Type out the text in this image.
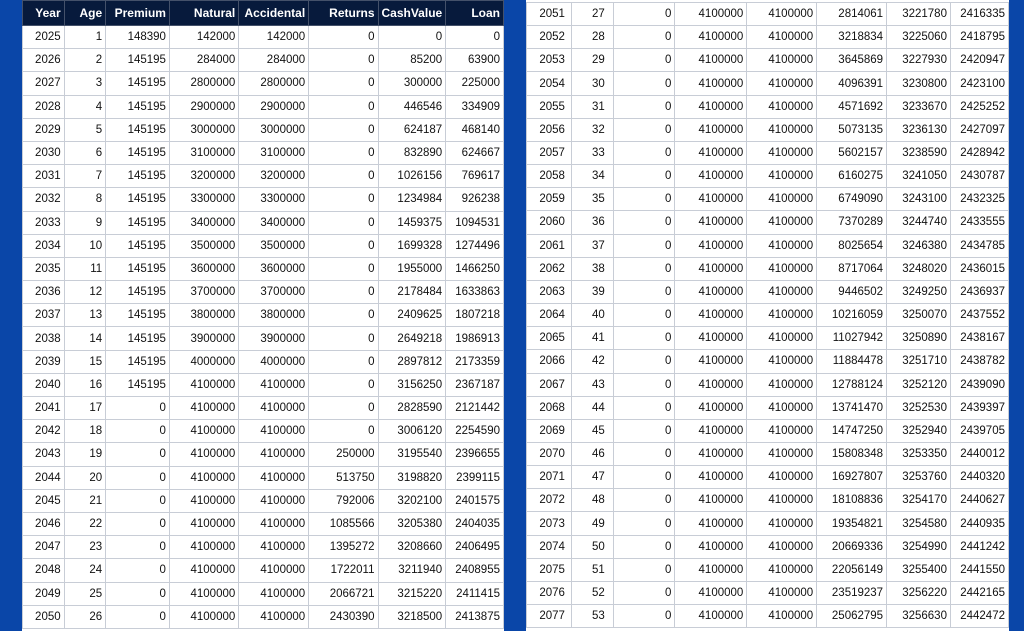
Year	Age	Premium	Natural	Accidental	Returns	CashValue	Loan
2025	1	148390	142000	142000	0	0	0
2026	2	145195	284000	284000	0	85200	63900
2027	3	145195	2800000	2800000	0	300000	225000
2028	4	145195	2900000	2900000	0	446546	334909
2029	5	145195	3000000	3000000	0	624187	468140
2030	6	145195	3100000	3100000	0	832890	624667
2031	7	145195	3200000	3200000	0	1026156	769617
2032	8	145195	3300000	3300000	0	1234984	926238
2033	9	145195	3400000	3400000	0	1459375	1094531
2034	10	145195	3500000	3500000	0	1699328	1274496
2035	11	145195	3600000	3600000	0	1955000	1466250
2036	12	145195	3700000	3700000	0	2178484	1633863
2037	13	145195	3800000	3800000	0	2409625	1807218
2038	14	145195	3900000	3900000	0	2649218	1986913
2039	15	145195	4000000	4000000	0	2897812	2173359
2040	16	145195	4100000	4100000	0	3156250	2367187
2041	17	0	4100000	4100000	0	2828590	2121442
2042	18	0	4100000	4100000	0	3006120	2254590
2043	19	0	4100000	4100000	250000	3195540	2396655
2044	20	0	4100000	4100000	513750	3198820	2399115
2045	21	0	4100000	4100000	792006	3202100	2401575
2046	22	0	4100000	4100000	1085566	3205380	2404035
2047	23	0	4100000	4100000	1395272	3208660	2406495
2048	24	0	4100000	4100000	1722011	3211940	2408955
2049	25	0	4100000	4100000	2066721	3215220	2411415
2050	26	0	4100000	4100000	2430390	3218500	2413875
2051	27	0	4100000	4100000	2814061	3221780	2416335
2052	28	0	4100000	4100000	3218834	3225060	2418795
2053	29	0	4100000	4100000	3645869	3227930	2420947
2054	30	0	4100000	4100000	4096391	3230800	2423100
2055	31	0	4100000	4100000	4571692	3233670	2425252
2056	32	0	4100000	4100000	5073135	3236130	2427097
2057	33	0	4100000	4100000	5602157	3238590	2428942
2058	34	0	4100000	4100000	6160275	3241050	2430787
2059	35	0	4100000	4100000	6749090	3243100	2432325
2060	36	0	4100000	4100000	7370289	3244740	2433555
2061	37	0	4100000	4100000	8025654	3246380	2434785
2062	38	0	4100000	4100000	8717064	3248020	2436015
2063	39	0	4100000	4100000	9446502	3249250	2436937
2064	40	0	4100000	4100000	10216059	3250070	2437552
2065	41	0	4100000	4100000	11027942	3250890	2438167
2066	42	0	4100000	4100000	11884478	3251710	2438782
2067	43	0	4100000	4100000	12788124	3252120	2439090
2068	44	0	4100000	4100000	13741470	3252530	2439397
2069	45	0	4100000	4100000	14747250	3252940	2439705
2070	46	0	4100000	4100000	15808348	3253350	2440012
2071	47	0	4100000	4100000	16927807	3253760	2440320
2072	48	0	4100000	4100000	18108836	3254170	2440627
2073	49	0	4100000	4100000	19354821	3254580	2440935
2074	50	0	4100000	4100000	20669336	3254990	2441242
2075	51	0	4100000	4100000	22056149	3255400	2441550
2076	52	0	4100000	4100000	23519237	3256220	2442165
2077	53	0	4100000	4100000	25062795	3256630	2442472
